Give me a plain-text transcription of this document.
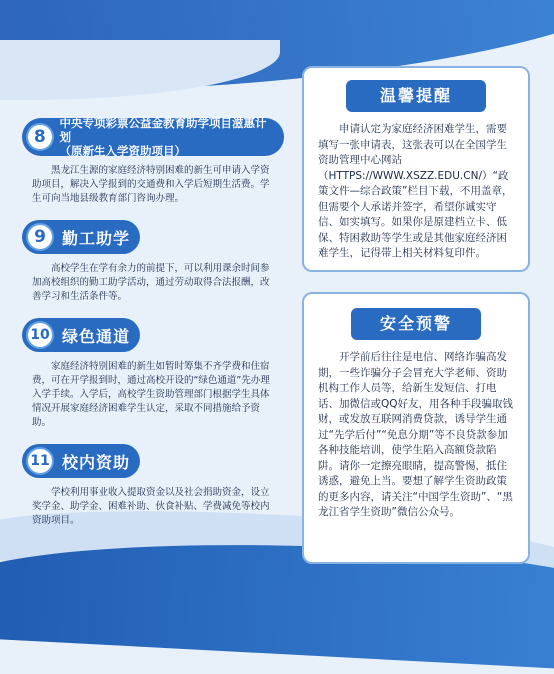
8
中央专项彩票公益金教育助学项目滋惠计划
（原新生入学资助项目）
黑龙江生源的家庭经济特别困难的新生可申请入学资助项目，解决入学报到的交通费和入学后短期生活费。学生可向当地县级教育部门咨询办理。
9	勤工助学
高校学生在学有余力的前提下，可以利用课余时间参加高校组织的勤工助学活动，通过劳动取得合法报酬，改善学习和生活条件等。
10 绿色通道
家庭经济特别困难的新生如暂时筹集不齐学费和住宿费，可在开学报到时，通过高校开设的“绿色通道”先办理入学手续。入学后，高校学生资助管理部门根据学生具体情况开展家庭经济困难学生认定，采取不同措施给予资助。
11 校内资助
学校利用事业收入提取资金以及社会捐助资金，设立奖学金、助学金、困难补助、伙食补贴、学费减免等校内资助项目。
温馨提醒
申请认定为家庭经济困难学生，需要填写一张申请表，这张表可以在全国学生资助管理中心网站（HTTPS://WWW.XSZZ.EDU.CN/）“政策文件—综合政策”栏目下载，不用盖章，但需要个人承诺并签字，希望你诚实守信、如实填写。如果你是原建档立卡、低保、特困救助等学生或是其他家庭经济困难学生，记得带上相关材料复印件。
安全预警
开学前后往往是电信、网络诈骗高发期，一些诈骗分子会冒充大学老师、资助机构工作人员等，给新生发短信、打电话、加微信或QQ好友，用各种手段骗取钱财，或发放互联网消费贷款，诱导学生通过“先学后付”“免息分期”等不良贷款参加各种技能培训，使学生陷入高额贷款陷阱。请你一定擦亮眼睛，提高警惕，抵住诱惑，避免上当。要想了解学生资助政策的更多内容，请关注“中国学生资助”、“黑龙江省学生资助”微信公众号。
